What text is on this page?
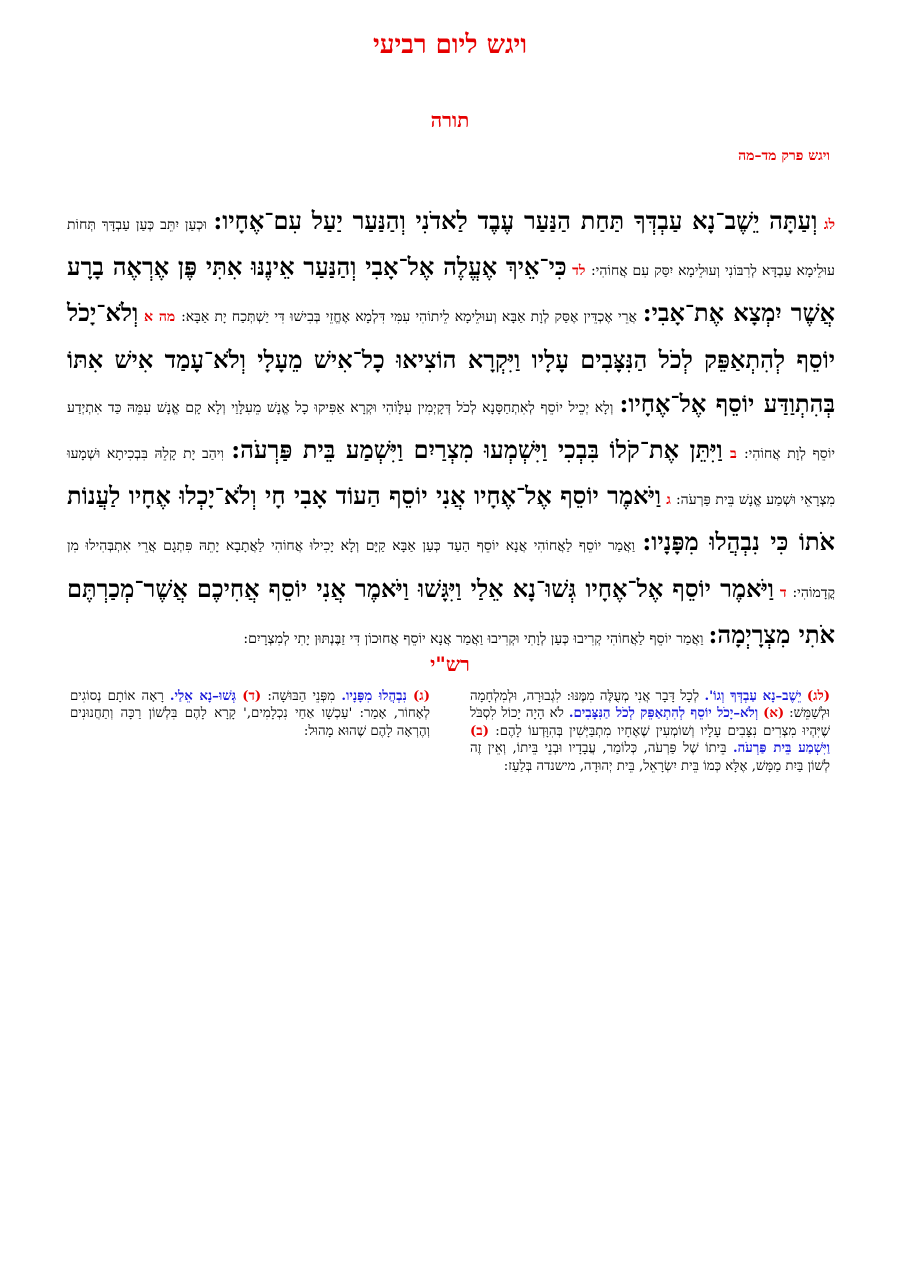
ויגש ליום רביעי
תורה
ויגש פרק מד–מה
לג וְעַתָּה יֵשֶׁב־נָא עַבְדְּךָ תַּחַת הַנַּעַר עֶבֶד לַאדֹנִי וְהַנַּעַר יַעַל עִם־אֶחָיו: וּכְעַן יִתֵּב כְּעַן עַבְדָּךְ תְּחוֹת עוּלֵימָא עַבְדָּא לְרִבּוֹנִי וְעוּלֵימָא יִסַּק עִם אֲחוֹהִי: לד כִּי־אֵיךְ אֶעֱלֶה אֶל־אָבִי וְהַנַּעַר אֵינֶנּוּ אִתִּי פֶּן אֶרְאֶה בָרָע אֲשֶׁר יִמְצָא אֶת־אָבִי: אֲרֵי אֶכְדֵּין אֶסַּק לְוָת אַבָּא וְעוּלֵימָא לֵיתוֹהִי עִמִּי דִּלְמָא אֶחֱזֵי בְּבִישׁוּ דִּי יַשְׁתְּכַח יָת אַבָּא: מה א וְלֹא־יָכֹל יוֹסֵף לְהִתְאַפֵּק לְכֹל הַנִּצָּבִים עָלָיו וַיִּקְרָא הוֹצִיאוּ כָל־אִישׁ מֵעָלָי וְלֹא־עָמַד אִישׁ אִתּוֹ בְּהִתְוַדַּע יוֹסֵף אֶל־אֶחָיו: וְלָא יְכֵיל יוֹסֵף לְאִתְחַסָּנָא לְכֹל דְּקָיְמִין עִלָּוֹהִי וּקְרָא אַפִּיקוּ כָל אֱנָשׁ מֵעִלָּוַי וְלָא קָם אֱנָשׁ עִמֵּהּ כַּד אִתְיְדַע יוֹסֵף לְוָת אֲחוֹהִי: ב וַיִּתֵּן אֶת־קֹלוֹ בִּבְכִי וַיִּשְׁמְעוּ מִצְרַיִם וַיִּשְׁמַע בֵּית פַּרְעֹה: וִיהַב יָת קָלֵהּ בִּבְכִיתָא וּשְׁמָעוּ מִצְרָאֵי וּשְׁמַע אֱנָשׁ בֵּית פַּרְעֹה: ג וַיֹּאמֶר יוֹסֵף אֶל־אֶחָיו אֲנִי יוֹסֵף הַעוֹד אָבִי חָי וְלֹא־יָכְלוּ אֶחָיו לַעֲנוֹת אֹתוֹ כִּי נִבְהֲלוּ מִפָּנָיו: וַאֲמַר יוֹסֵף לַאֲחוֹהִי אֲנָא יוֹסֵף הַעַד כְּעַן אַבָּא קַיָּם וְלָא יָכִילוּ אֲחוֹהִי לַאֲתָבָא יָתֵהּ פִּתְגָם אֲרֵי אִתְבְּהִילוּ מִן קֳדָמוֹהִי: ד וַיֹּאמֶר יוֹסֵף אֶל־אֶחָיו גְּשׁוּ־נָא אֵלַי וַיִּגָּשׁוּ וַיֹּאמֶר אֲנִי יוֹסֵף אֲחִיכֶם אֲשֶׁר־מְכַרְתֶּם אֹתִי מִצְרָיְמָה: וַאֲמַר יוֹסֵף לַאֲחוֹהִי קְרִיבוּ כְּעַן לְוָתִי וּקְרִיבוּ וַאֲמַר אֲנָא יוֹסֵף אֲחוּכוֹן דִּי זַבֶּנְתּוּן יָתִי לְמִצְרָיִם:
רש"י
(לג) יֵשֶׁב–נָא עַבְדְּךָ וְגוֹ'. לְכָל דָּבָר אֲנִי מְעֻלֶּה מִמֶּנּוּ: לִגְבוּרָה, וּלְמִלְחָמָה וּלְשַׁמֵּשׁ: (א) וְלֹא–יָכֹל יוֹסֵף לְהִתְאַפֵּק לְכֹל הַנִּצָּבִים. לֹא הָיָה יָכוֹל לִסְבֹּל שֶׁיִּהְיוּ מִצְרִים נִצָּבִים עָלָיו וְשׁוֹמְעִין שֶׁאֶחָיו מִתְבַּיְּשִׁין בְּהִוָּדְעוֹ לָהֶם: (ב) וַיִּשְׁמַע בֵּית פַּרְעֹה. בֵּיתוֹ שֶׁל פַּרְעֹה, כְּלוֹמַר, עֲבָדָיו וּבְנֵי בֵּיתוֹ, וְאֵין זֶה לְשׁוֹן בַּיִת מַמָּשׁ, אֶלָּא כְּמוֹ בֵּית יִשְׂרָאֵל, בֵּית יְהוּדָה, מישנדה בְּלַעַז:
(ג) נִבְהֲלוּ מִפָּנָיו. מִפְּנֵי הַבּוּשָׁה: (ד) גְּשׁוּ–נָא אֵלַי. רָאָה אוֹתָם נְסוֹגִים לְאָחוֹר, אָמַר: 'עַכְשָׁו אַחַי נִכְלָמִים,' קָרָא לָהֶם בִּלְשׁוֹן רַכָּה וְתַחֲנוּנִים וְהֶרְאָה לָהֶם שֶׁהוּא מָהוּל:
